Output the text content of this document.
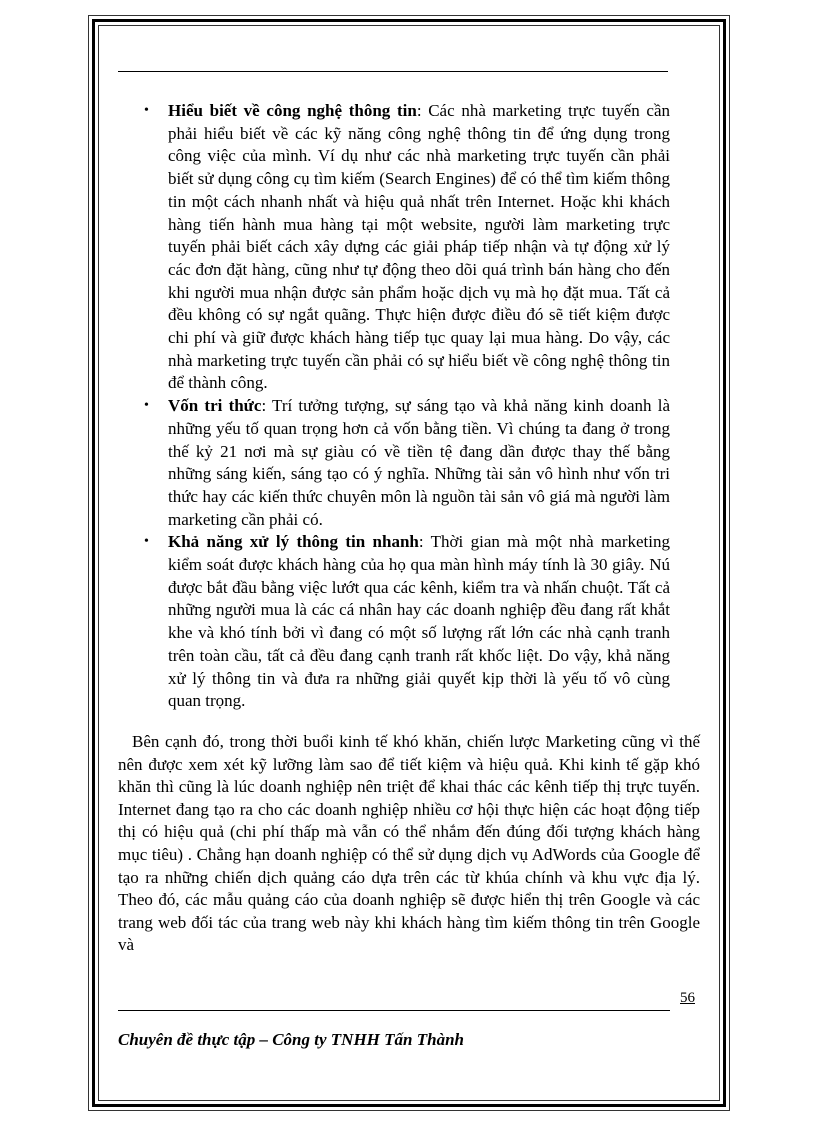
• Hiểu biết về công nghệ thông tin: Các nhà marketing trực tuyến cần phải hiểu biết về các kỹ năng công nghệ thông tin để ứng dụng trong công việc của mình. Ví dụ như các nhà marketing trực tuyến cần phải biết sử dụng công cụ tìm kiếm (Search Engines) để có thể tìm kiếm thông tin một cách nhanh nhất và hiệu quả nhất trên Internet. Hoặc khi khách hàng tiến hành mua hàng tại một website, người làm marketing trực tuyến phải biết cách xây dựng các giải pháp tiếp nhận và tự động xử lý các đơn đặt hàng, cũng như tự động theo dõi quá trình bán hàng cho đến khi người mua nhận được sản phẩm hoặc dịch vụ mà họ đặt mua. Tất cả đều không có sự ngắt quãng. Thực hiện được điều đó sẽ tiết kiệm được chi phí và giữ được khách hàng tiếp tục quay lại mua hàng. Do vậy, các nhà marketing trực tuyến cần phải có sự hiểu biết về công nghệ thông tin để thành công.
• Vốn tri thức: Trí tưởng tượng, sự sáng tạo và khả năng kinh doanh là những yếu tố quan trọng hơn cả vốn bằng tiền. Vì chúng ta đang ở trong thế kỷ 21 nơi mà sự giàu có về tiền tệ đang dần được thay thế bằng những sáng kiến, sáng tạo có ý nghĩa. Những tài sản vô hình như vốn tri thức hay các kiến thức chuyên môn là nguồn tài sản vô giá mà người làm marketing cần phải có.
• Khả năng xử lý thông tin nhanh: Thời gian mà một nhà marketing kiểm soát được khách hàng của họ qua màn hình máy tính là 30 giây. Nú được bắt đầu bằng việc lướt qua các kênh, kiểm tra và nhấn chuột. Tất cả những người mua là các cá nhân hay các doanh nghiệp đều đang rất khắt khe và khó tính bởi vì đang có một số lượng rất lớn các nhà cạnh tranh trên toàn cầu, tất cả đều đang cạnh tranh rất khốc liệt. Do vậy, khả năng xử lý thông tin và đưa ra những giải quyết kịp thời là yếu tố vô cùng quan trọng.

Bên cạnh đó, trong thời buổi kinh tế khó khăn, chiến lược Marketing cũng vì thế nên được xem xét kỹ lưỡng làm sao để tiết kiệm và hiệu quả. Khi kinh tế gặp khó khăn thì cũng là lúc doanh nghiệp nên triệt để khai thác các kênh tiếp thị trực tuyến. Internet đang tạo ra cho các doanh nghiệp nhiều cơ hội thực hiện các hoạt động tiếp thị có hiệu quả (chi phí thấp mà vẫn có thể nhắm đến đúng đối tượng khách hàng mục tiêu) . Chẳng hạn doanh nghiệp có thể sử dụng dịch vụ AdWords của Google để tạo ra những chiến dịch quảng cáo dựa trên các từ khúa chính và khu vực địa lý. Theo đó, các mẫu quảng cáo của doanh nghiệp sẽ được hiển thị trên Google và các trang web đối tác của trang web này khi khách hàng tìm kiếm thông tin trên Google và

56
Chuyên đề thực tập – Công ty TNHH Tấn Thành
